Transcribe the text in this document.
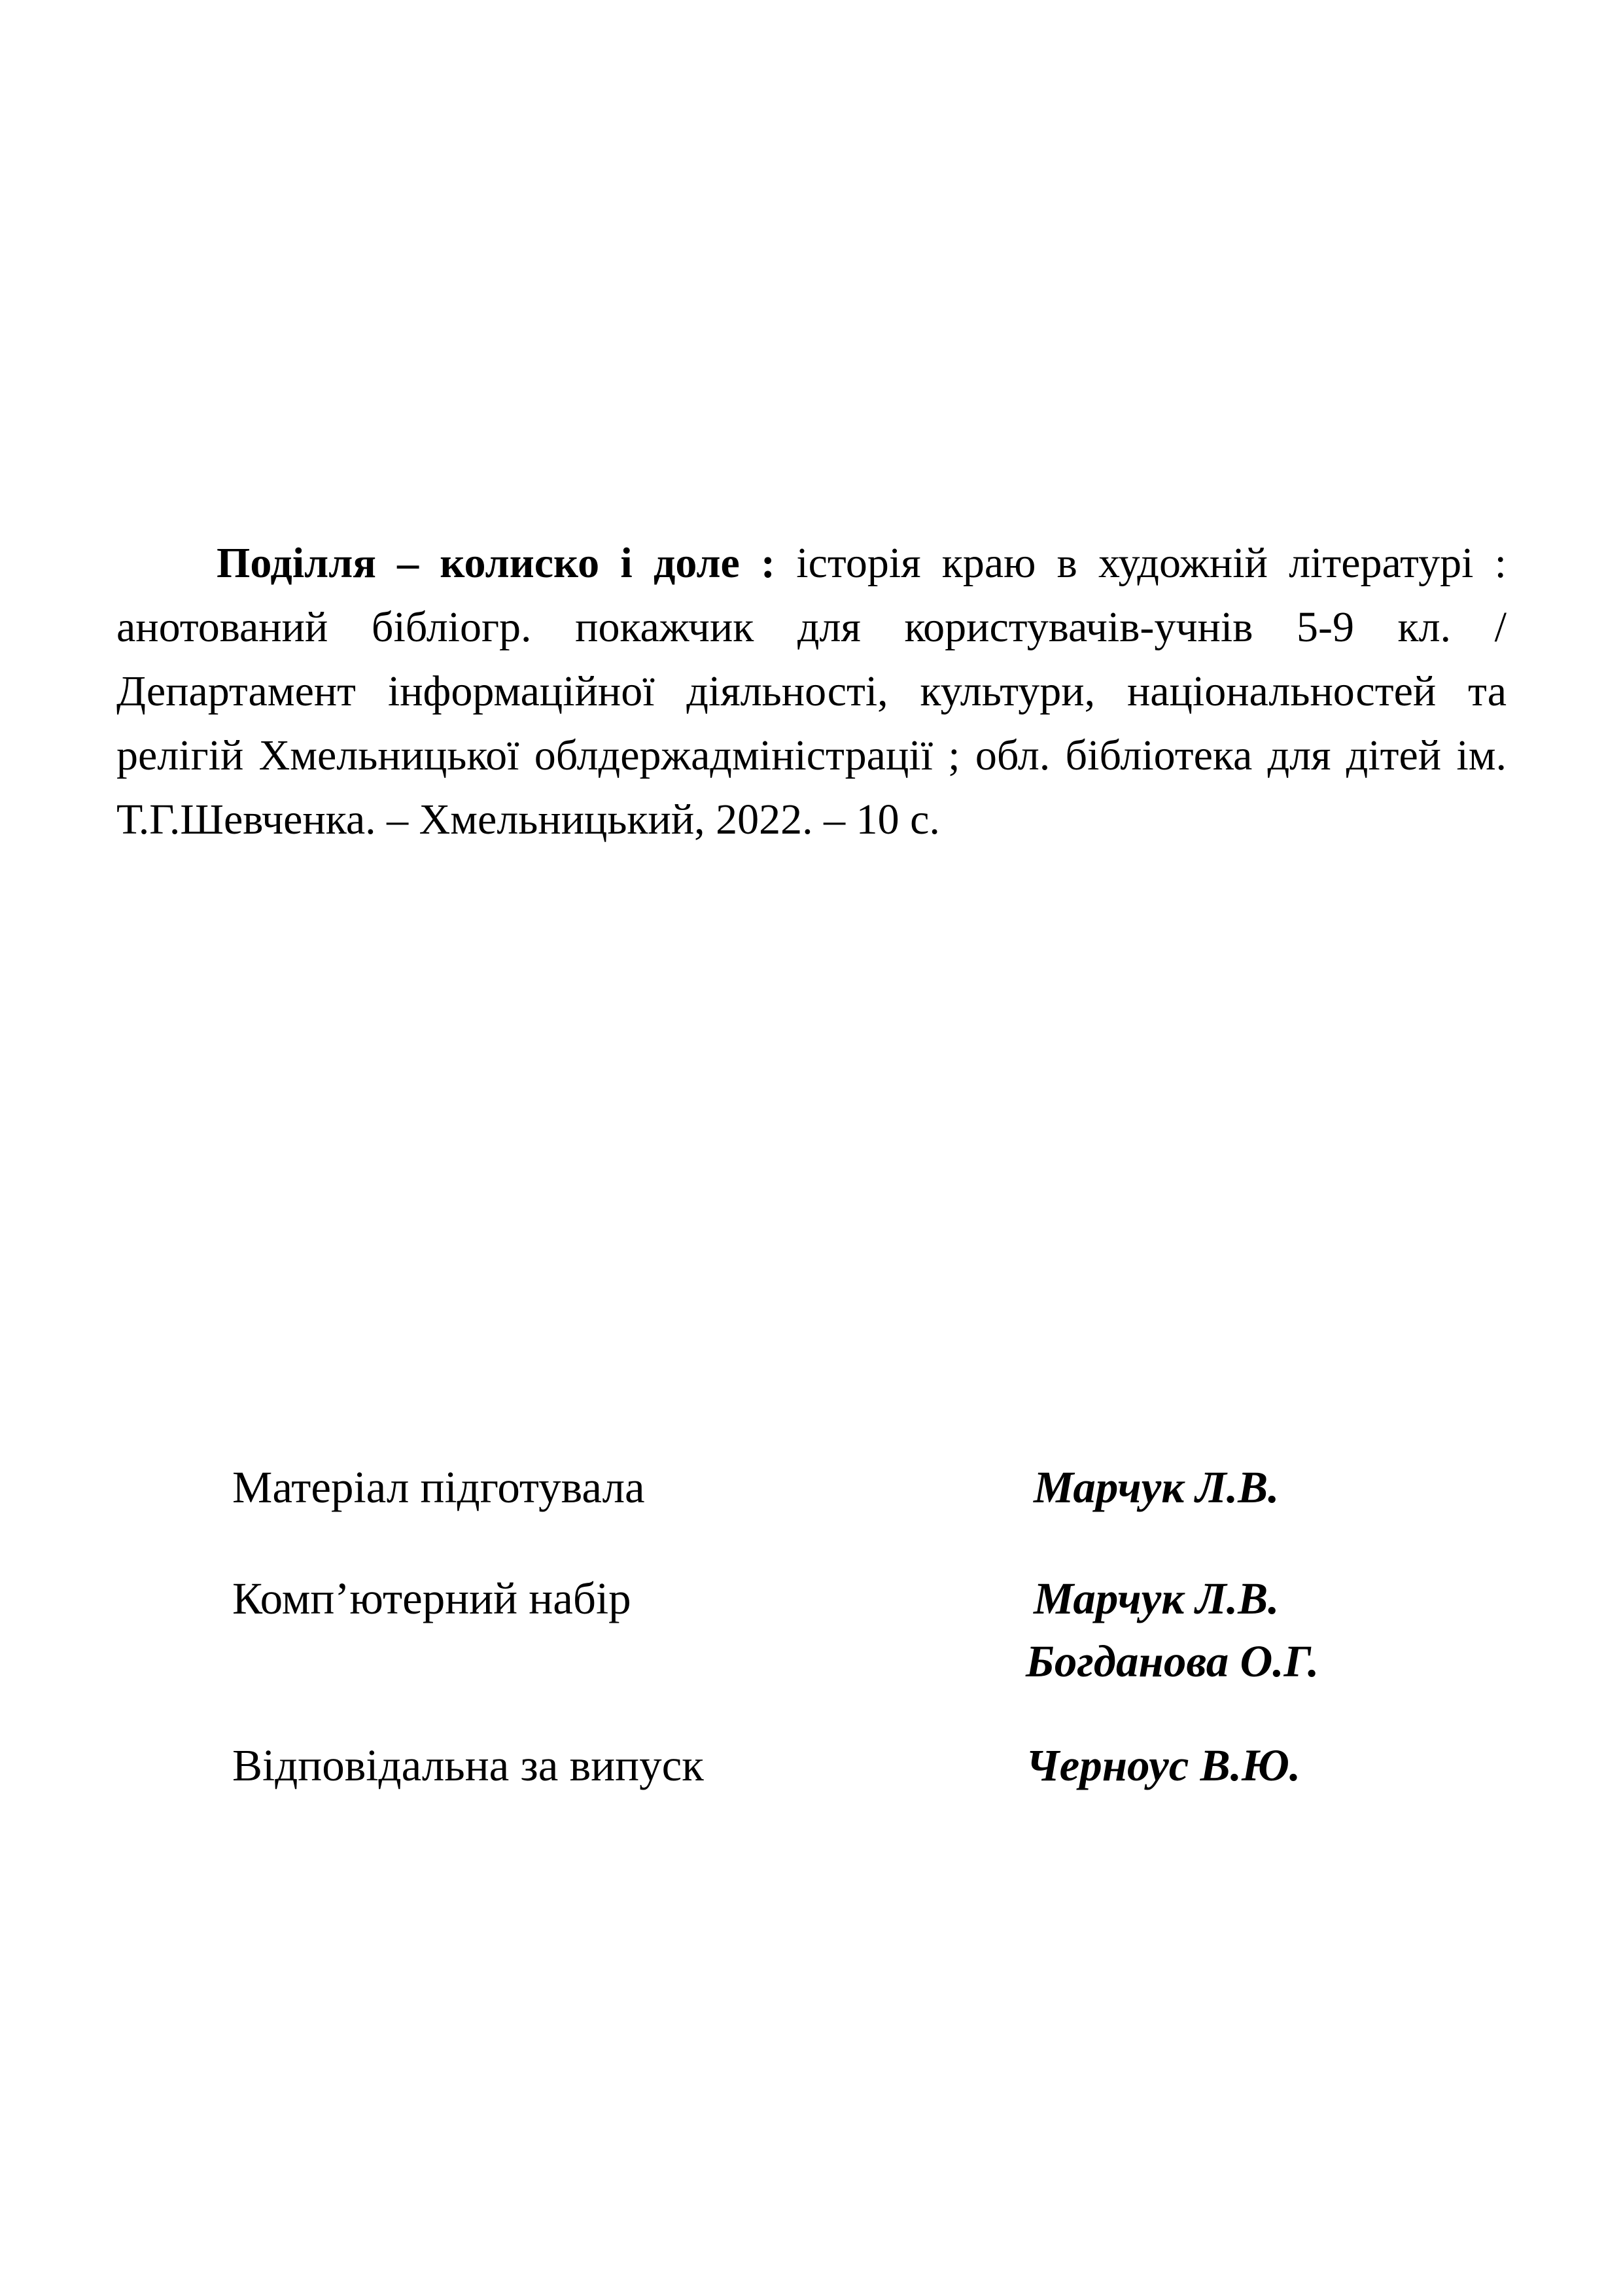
Поділля – колиско і доле : історія краю в художній літературі : анотований бібліогр. покажчик для користувачів-учнів 5-9 кл. / Департамент інформаційної діяльності, культури, національностей та релігій Хмельницької облдержадміністрації ; обл. бібліотека для дітей ім. Т.Г.Шевченка. – Хмельницький, 2022. – 10 с.

Матеріал підготувала	Марчук Л.В.
Комп’ютерний набір	Марчук Л.В.
Богданова О.Г.
Відповідальна за випуск	Черноус В.Ю.
